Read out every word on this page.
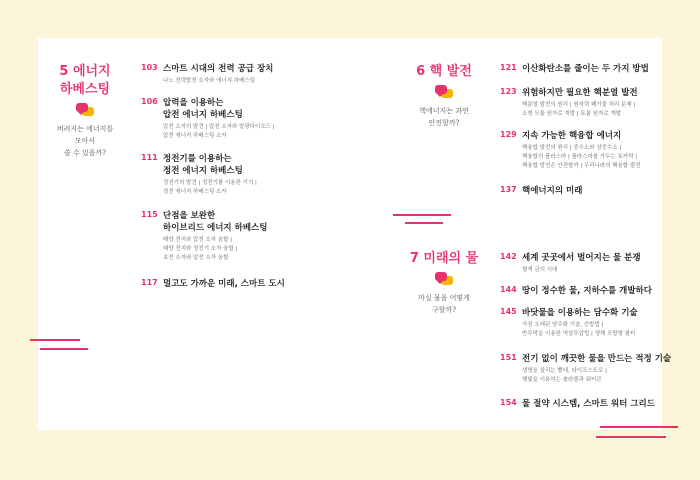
5 에너지
하베스팅
버려지는 에너지를
모아서
쓸 수 있을까?
6 핵 발전
핵에너지는 과연
안전할까?
7 미래의 물
마실 물을 어떻게
구할까?
103 스마트 시대의 전력 공급 장치
나노 전력발전 소자와 에너지 하베스팅
106 압력을 이용하는
압전 에너지 하베스팅
압전 소자의 발견 | 압전 소자와 발광다이오드 |
압전 에너지 하베스팅 소자
111 정전기를 이용하는
정전 에너지 하베스팅
정전기의 발견 | 정전기를 이용한 기기 |
정전 에너지 하베스팅 소자
115 단점을 보완한
하이브리드 에너지 하베스팅
태양 전지와 압전 소자 융합 |
태양 전지와 정전기 소자 융합 |
초전 소자와 압전 소자 융합
117 멀고도 가까운 미래, 스마트 도시
121 이산화탄소를 줄이는 두 가지 방법
123 위험하지만 필요한 핵분열 발전
핵분열 발전의 원리 | 원자력 폐기물 처리 문제 |
소형 모듈 원자로 개발 | 토륨 원자로 개발
129 지속 가능한 핵융합 에너지
핵융합 발전의 원리 | 중수소와 삼중수소 |
핵융합의 플라스마 | 플라스마를 가두는 토카막 |
핵융합 발전은 안전할까 | 우리나라의 핵융합 발전
137 핵에너지의 미래
142 세계 곳곳에서 벌어지는 물 분쟁
형색 금의 시대
144 땅이 정수한 물, 지하수를 개발하다
145 바닷물을 이용하는 담수화 기술
가장 오래된 담수화 기술, 증발법 |
반투막을 이용한 역삼투압법 | 생체 모방형 필터
151 전기 없이 깨끗한 물을 만드는 적정 기술
생명을 살리는 빨대, 라이프스트로 |
햇빛을 이용하는 솔라볼과 워터콘
154 물 절약 시스템, 스마트 워터 그리드
